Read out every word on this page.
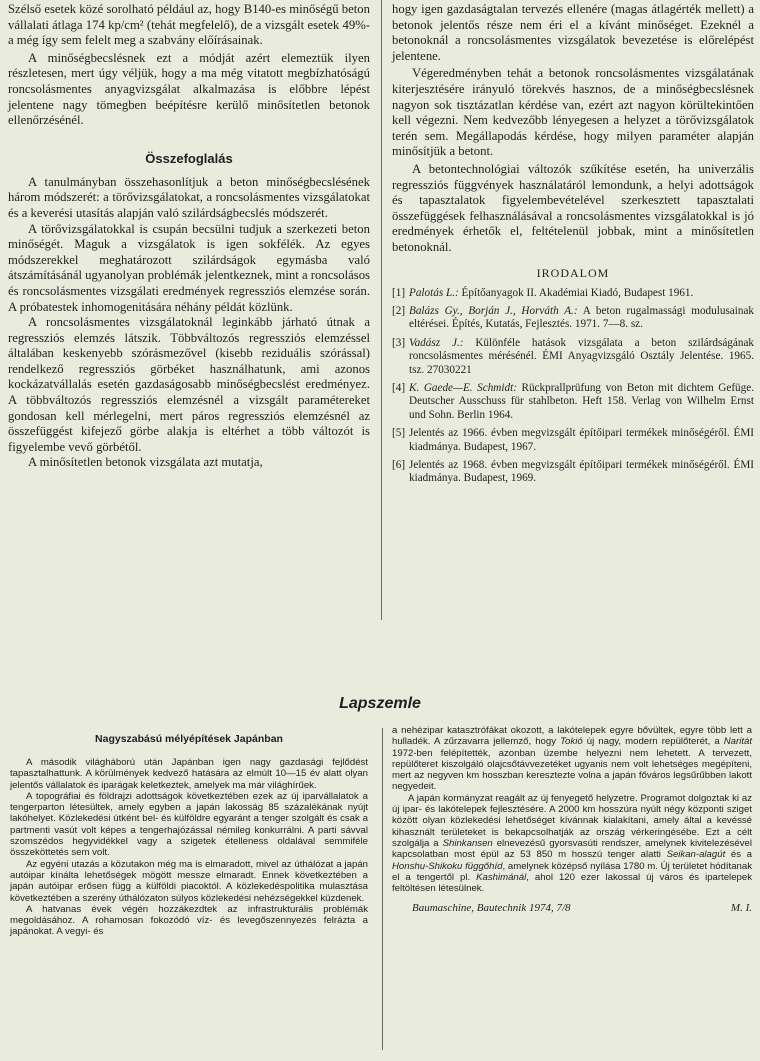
Szélső esetek közé sorolható például az, hogy B140-es minőségű beton vállalati átlaga 174 kp/cm² (tehát megfelelő), de a vizsgált esetek 49%-a még így sem felelt meg a szabvány előírásainak.

A minőségbecslésnek ezt a módját azért elemeztük ilyen részletesen, mert úgy véljük, hogy a ma még vitatott megbízhatóságú roncsolásmentes anyagvizsgálat alkalmazása is előbbre lépést jelentene nagy tömegben beépítésre kerülő minősítetlen betonok ellenőrzésénél.

Összefoglalás

A tanulmányban összehasonlítjuk a beton minőségbecslésének három módszerét: a törővizsgálatokat, a roncsolásmentes vizsgálatokat és a keverési utasítás alapján való szilárdságbecslés módszerét.

A törővizsgálatokkal is csupán becsülni tudjuk a szerkezeti beton minőségét. Maguk a vizsgálatok is igen sokfélék. Az egyes módszerekkel meghatározott szilárdságok egymásba való átszámításánál ugyanolyan problémák jelentkeznek, mint a roncsolásos és roncsolásmentes vizsgálati eredmények regressziós elemzése során. A próbatestek inhomogenitására néhány példát közlünk.

A roncsolásmentes vizsgálatoknál leginkább járható útnak a regressziós elemzés látszik. Többváltozós regressziós elemzéssel általában keskenyebb szórásmezővel (kisebb reziduális szórással) rendelkező regressziós görbéket használhatunk, ami azonos kockázatvállalás esetén gazdaságosabb minőségbecslést eredményez. A többváltozós regressziós elemzésnél a vizsgált paramétereket gondosan kell mérlegelni, mert páros regressziós elemzésnél az összefüggést kifejező görbe alakja is eltérhet a több változót is figyelembe vevő görbétől.

A minősítetlen betonok vizsgálata azt mutatja,

hogy igen gazdaságtalan tervezés ellenére (magas átlagérték mellett) a betonok jelentős része nem éri el a kívánt minőséget. Ezeknél a betonoknál a roncsolásmentes vizsgálatok bevezetése is előrelépést jelentene.

Végeredményben tehát a betonok roncsolásmentes vizsgálatának kiterjesztésére irányuló törekvés hasznos, de a minőségbecslésnek nagyon sok tisztázatlan kérdése van, ezért azt nagyon körültekintően kell végezni. Nem kedvezőbb lényegesen a helyzet a törővizsgálatok terén sem. Megállapodás kérdése, hogy milyen paraméter alapján minősítjük a betont.

A betontechnológiai változók szűkítése esetén, ha univerzális regressziós függvények használatáról lemondunk, a helyi adottságok és tapasztalatok figyelembevételével szerkesztett tapasztalati összefüggések felhasználásával a roncsolásmentes vizsgálatokkal is jó eredmények érhetők el, feltételenül jobbak, mint a minősítetlen betonoknál.

IRODALOM
[1] Palotás L.: Építőanyagok II. Akadémiai Kiadó, Budapest 1961.
[2] Balázs Gy., Borján J., Horváth A.: A beton rugalmassági modulusainak eltérései. Építés, Kutatás, Fejlesztés. 1971. 7—8. sz.
[3] Vadász J.: Különféle hatások vizsgálata a beton szilárdságának roncsolásmentes mérésénél. ÉMI Anyagvizsgáló Osztály Jelentése. 1965. tsz. 27030221
[4] K. Gaede—E. Schmidt: Rückprallprüfung von Beton mit dichtem Gefüge. Deutscher Ausschuss für stahlbeton. Heft 158. Verlag von Wilhelm Ernst und Sohn. Berlin 1964.
[5] Jelentés az 1966. évben megvizsgált építőipari termékek minőségéről. ÉMI kiadmánya. Budapest, 1967.
[6] Jelentés az 1968. évben megvizsgált építőipari termékek minőségéről. ÉMI kiadmánya. Budapest, 1969.
Lapszemle
Nagyszabású mélyépítések Japánban

A második világháború után Japánban igen nagy gazdasági fejlődést tapasztalhattunk. A körülmények kedvező hatására az elmúlt 10—15 év alatt olyan jelentős vállalatok és iparágak keletkeztek, amelyek ma már világhírűek.

A topográfiai és földrajzi adottságok következtében ezek az új iparvállalatok a tengerparton létesültek, amely egyben a japán lakosság 85 százalékának nyújt lakóhelyet. Közlekedési útként bel- és külföldre egyaránt a tenger szolgált és csak a partmenti vasút volt képes a tengerhajózással némileg konkurrálni. A parti sávval szomszédos hegyvidékkel vagy a szigetek ételleness oldalával semmiféle összeköttetés sem volt.

Az egyéni utazás a közutakon még ma is elmaradott, mivel az úthálózat a japán autóipar kínálta lehetőségek mögött messze elmaradt. Ennek következtében a japán autóipar erősen függ a külföldi piacoktól. A közlekedéspolitika mulasztása következtében a szerény úthálózaton súlyos közlekedési nehézségekkel küzdenek.

A hatvanas évek végén hozzákezdtek az infrastrukturális problémák megoldásához. A rohamosan fokozódó víz- és levegőszennyezés felrázta a japánokat. A vegyi- és

a nehézipar katasztrófákat okozott, a lakótelepek egyre bővültek, egyre több lett a hulladék. A zűrzavarra jellemző, hogy Tokió új nagy, modern repülőterét, a Naritát 1972-ben felépítették, azonban üzembe helyezni nem lehetett. A tervezett, repülőteret kiszolgáló olajcsőtávvezetéket ugyanis nem volt lehetséges megépíteni, mert az negyven km hosszban keresztezte volna a japán főváros legsűrűbben lakott negyedeit.

A japán kormányzat reagált az új fenyegető helyzetre. Programot dolgoztak ki az új ipar- és lakótelepek fejlesztésére. A 2000 km hosszúra nyúlt négy központi sziget között olyan közlekedési lehetőséget kívánnak kialakítani, amely által a kevéssé kihasznált területeket is bekapcsolhatják az ország vérkeringésébe. Ezt a célt szolgálja a Shinkansen elnevezésű gyorsvasúti rendszer, amelynek kivitelezésével kapcsolatban most épül az 53 850 m hosszú tenger alatti Seikan-alagút és a Honshu-Shikoku függőhíd, amelynek középső nyílása 1780 m. Új területet hódítanak el a tengertől pl. Kashimánál, ahol 120 ezer lakossal új város és ipartelepek feltöltésen létesülnek.

Baumaschine, Bautechnik 1974, 7/8	M. I.
